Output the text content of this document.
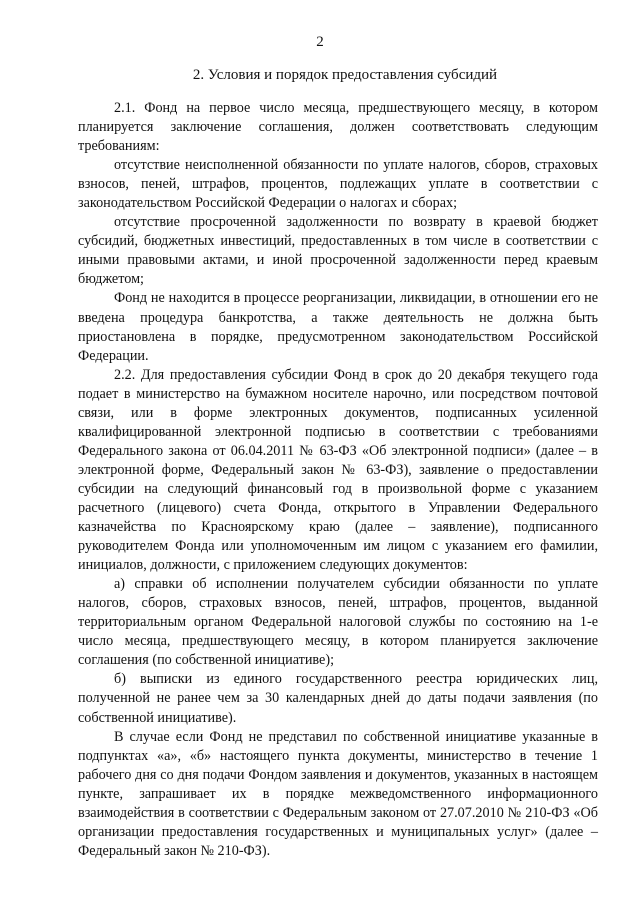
2
2. Условия и порядок предоставления субсидий

2.1. Фонд на первое число месяца, предшествующего месяцу, в котором планируется заключение соглашения, должен соответствовать следующим требованиям:

отсутствие неисполненной обязанности по уплате налогов, сборов, страховых взносов, пеней, штрафов, процентов, подлежащих уплате в соответствии с законодательством Российской Федерации о налогах и сборах;

отсутствие просроченной задолженности по возврату в краевой бюджет субсидий, бюджетных инвестиций, предоставленных в том числе в соответствии с иными правовыми актами, и иной просроченной задолженности перед краевым бюджетом;

Фонд не находится в процессе реорганизации, ликвидации, в отношении его не введена процедура банкротства, а также деятельность не должна быть приостановлена в порядке, предусмотренном законодательством Российской Федерации.

2.2. Для предоставления субсидии Фонд в срок до 20 декабря текущего года подает в министерство на бумажном носителе нарочно, или посредством почтовой связи, или в форме электронных документов, подписанных усиленной квалифицированной электронной подписью в соответствии с требованиями Федерального закона от 06.04.2011 № 63-ФЗ «Об электронной подписи» (далее – в электронной форме, Федеральный закон № 63-ФЗ), заявление о предоставлении субсидии на следующий финансовый год в произвольной форме с указанием расчетного (лицевого) счета Фонда, открытого в Управлении Федерального казначейства по Красноярскому краю (далее – заявление), подписанного руководителем Фонда или уполномоченным им лицом с указанием его фамилии, инициалов, должности, с приложением следующих документов:

а) справки об исполнении получателем субсидии обязанности по уплате налогов, сборов, страховых взносов, пеней, штрафов, процентов, выданной территориальным органом Федеральной налоговой службы по состоянию на 1-е число месяца, предшествующего месяцу, в котором планируется заключение соглашения (по собственной инициативе);

б) выписки из единого государственного реестра юридических лиц, полученной не ранее чем за 30 календарных дней до даты подачи заявления (по собственной инициативе).

В случае если Фонд не представил по собственной инициативе указанные в подпунктах «а», «б» настоящего пункта документы, министерство в течение 1 рабочего дня со дня подачи Фондом заявления и документов, указанных в настоящем пункте, запрашивает их в порядке межведомственного информационного взаимодействия в соответствии с Федеральным законом от 27.07.2010 № 210-ФЗ «Об организации предоставления государственных и муниципальных услуг» (далее – Федеральный закон № 210-ФЗ).
